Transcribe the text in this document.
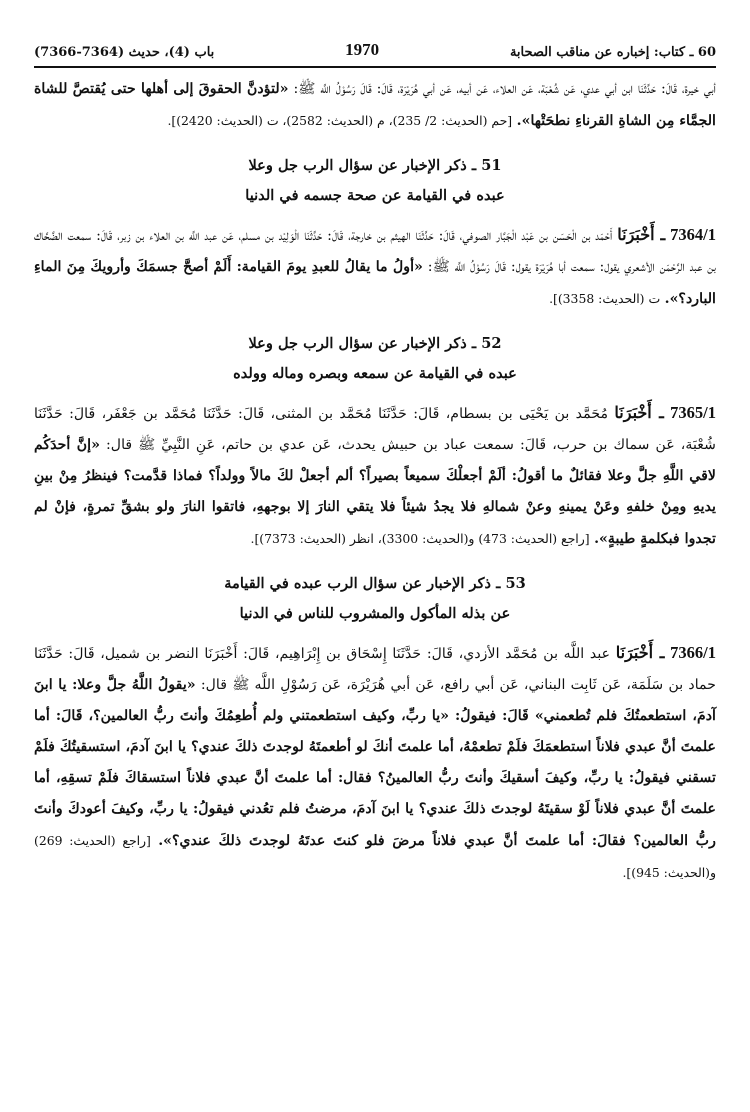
60 ـ كتاب: إخباره عن مناقب الصحابة
1970
باب (4)، حديث (7364-7366)

أبي خيرة، قَالَ: حَدَّثَنَا ابن أبي عدي، عَن شُعْبَة، عَن العلاء، عَن أبيه، عَن أبي هُرَيْرَة، قَالَ: قَالَ رَسُوْلُ اللَّه ﷺ: «لتؤدنَّ الحقوقَ إلى أهلها حتى يُقتصَّ للشاة الجمَّاء مِن الشاةِ القرناءِ نطحَتْها». [حم (الحديث: 2/ 235)، م (الحديث: 2582)، ت (الحديث: 2420)].

51 ـ ذكر الإخبار عن سؤال الرب جل وعلا
عبده في القيامة عن صحة جسمه في الدنيا

7364/1 ـ أَخْبَرَنَا أَحْمَد بن الْحَسَن بن عَبْد الْجَبَّار الصوفي، قَالَ: حَدَّثَنَا الهيثم بن خارجة، قَالَ: حَدَّثَنَا الْوَلِيْد بن مسلم، عَن عبد اللَّه بن العلاء بن زبر، قَالَ: سمعت الضَّحَّاك بن عبد الرَّحْمَن الأشعري يقول: سمعت أبا هُرَيْرَة يقول: قَالَ رَسُوْلُ اللَّه ﷺ: «أولُ ما يقالُ للعبدِ يومَ القيامة: أَلَمْ أصحَّ جسمَكَ وأرويكَ مِنَ الماءِ البارد؟». ت (الحديث: 3358)].

52 ـ ذكر الإخبار عن سؤال الرب جل وعلا
عبده في القيامة عن سمعه وبصره وماله وولده

7365/1 ـ أَخْبَرَنَا مُحَمَّد بن يَحْيَى بن بسطام، قَالَ: حَدَّثَنَا مُحَمَّد بن المثنى، قَالَ: حَدَّثَنَا مُحَمَّد بن جَعْفَر، قَالَ: حَدَّثَنَا شُعْبَة، عَن سماك بن حرب، قَالَ: سمعت عباد بن حبيش يحدث، عَن عدي بن حاتم، عَنِ النَّبِيِّ ﷺ قال: «إنَّ أحدَكُم لاقي اللَّهِ جلَّ وعلا فقائلٌ ما أقولُ: ألَمْ أجعلْكَ سميعاً بصيراً؟ ألم أجعلْ لكَ مالاً وولداً؟ فماذا قدَّمت؟ فينظرُ مِنْ بينِ يديهِ ومِنْ خلفهِ وعَنْ يمينهِ وعنْ شمالهِ فلا يجدُ شيئاً فلا يتقي النارَ إلا بوجههِ، فاتقوا النارَ ولو بشقِّ تمرةٍ، فإنْ لم تجدوا فبكلمةٍ طيبةٍ». [راجع (الحديث: 473) و(الحديث: 3300)، انظر (الحديث: 7373)].

53 ـ ذكر الإخبار عن سؤال الرب عبده في القيامة
عن بذله المأكول والمشروب للناس في الدنيا

7366/1 ـ أَخْبَرَنَا عبد اللَّه بن مُحَمَّد الأزدي، قَالَ: حَدَّثَنَا إِسْحَاق بن إِبْرَاهِيم، قَالَ: أَخْبَرَنَا النضر بن شميل، قَالَ: حَدَّثَنَا حماد بن سَلَمَة، عَن ثَابِت البناني، عَن أبي رافع، عَن أبي هُرَيْرَة، عَن رَسُوْلِ اللَّه ﷺ قال: «يقولُ اللَّهُ جلَّ وعلا: يا ابنَ آدمَ، استطعمتُكَ فلم تُطعمني» قَالَ: فيقولُ: «يا ربِّ، وكيف استطعمتني ولم أُطعِمُكَ وأنتَ ربُّ العالمين؟، قَالَ: أما علمتَ أنَّ عبدي فلاناً استطعمَكَ فلَمْ تطعمْهُ، أما علمتَ أنكَ لو أطعمتَهُ لوجدتَ ذلكَ عندي؟ يا ابنَ آدمَ، استسقيتُكَ فلَمْ تسقني فيقولُ: يا ربِّ، وكيفَ أسقيكَ وأنتَ ربُّ العالمينُ؟ فقال: أما علمتَ أنَّ عبدي فلاناً استسقاكَ فلَمْ تسقِهِ، أما علمتَ أنَّ عبدي فلاناً لَوْ سقيتَهُ لوجدتَ ذلكَ عندي؟ يا ابنَ آدمَ، مرضتُ فلم تعُدني فيقولُ: يا ربِّ، وكيفَ أعودكَ وأنتَ ربُّ العالمين؟ فقالَ: أما علمتَ أنَّ عبدي فلاناً مرضَ فلو كنتَ عدتَهُ لوجدتَ ذلكَ عندي؟». [راجع (الحديث: 269) و(الحديث: 945)].
